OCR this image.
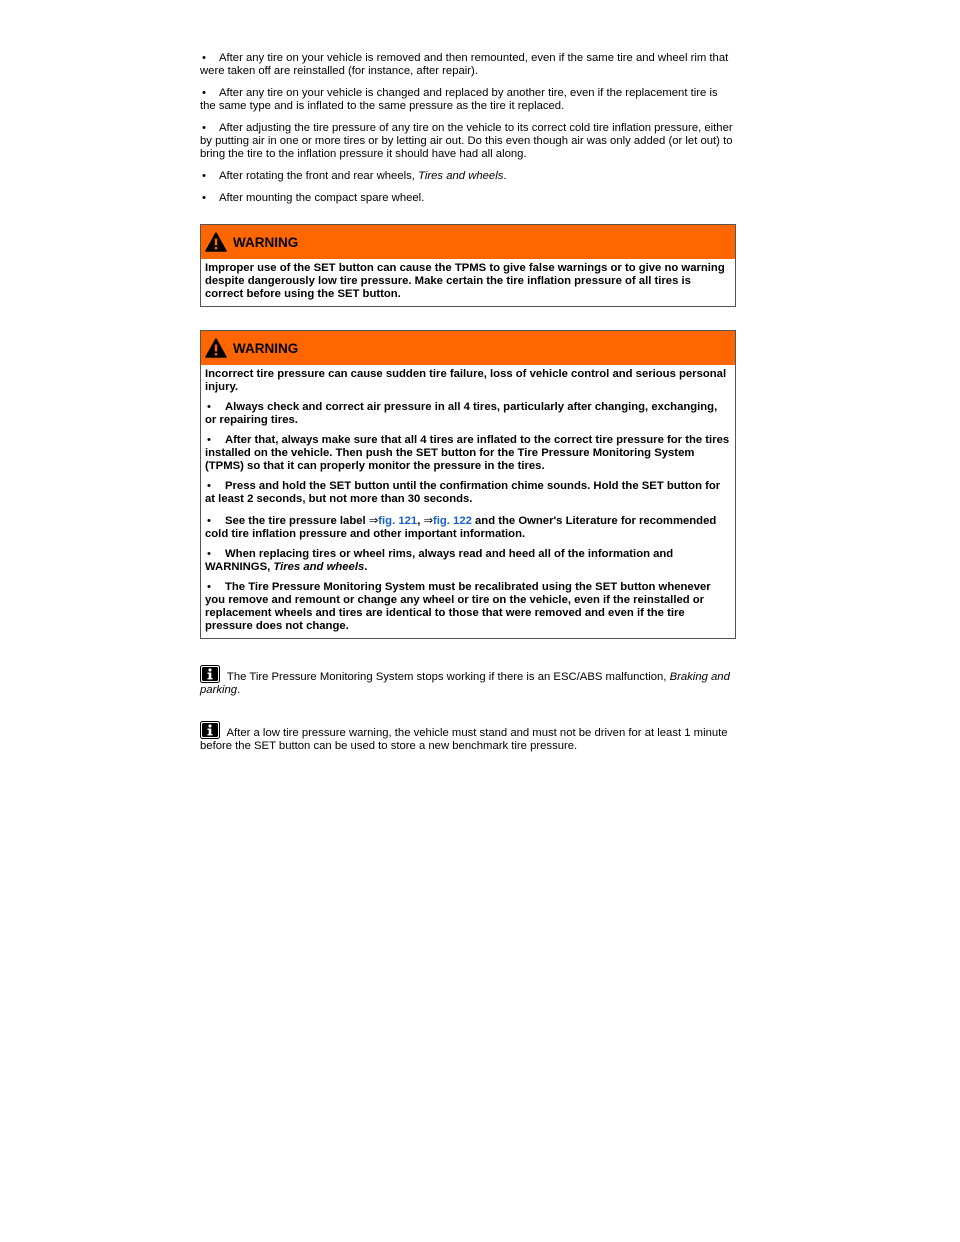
• After any tire on your vehicle is removed and then remounted, even if the same tire and wheel rim that were taken off are reinstalled (for instance, after repair).
• After any tire on your vehicle is changed and replaced by another tire, even if the replacement tire is the same type and is inflated to the same pressure as the tire it replaced.
• After adjusting the tire pressure of any tire on the vehicle to its correct cold tire inflation pressure, either by putting air in one or more tires or by letting air out. Do this even though air was only added (or let out) to bring the tire to the inflation pressure it should have had all along.
• After rotating the front and rear wheels, Tires and wheels.
• After mounting the compact spare wheel.
WARNING

Improper use of the SET button can cause the TPMS to give false warnings or to give no warning despite dangerously low tire pressure. Make certain the tire inflation pressure of all tires is correct before using the SET button.

WARNING

Incorrect tire pressure can cause sudden tire failure, loss of vehicle control and serious personal injury.

• Always check and correct air pressure in all 4 tires, particularly after changing, exchanging, or repairing tires.

• After that, always make sure that all 4 tires are inflated to the correct tire pressure for the tires installed on the vehicle. Then push the SET button for the Tire Pressure Monitoring System (TPMS) so that it can properly monitor the pressure in the tires.

• Press and hold the SET button until the confirmation chime sounds. Hold the SET button for at least 2 seconds, but not more than 30 seconds.

• See the tire pressure label ⇒fig. 121, ⇒fig. 122 and the Owner's Literature for recommended cold tire inflation pressure and other important information.

• When replacing tires or wheel rims, always read and heed all of the information and WARNINGS, Tires and wheels.

• The Tire Pressure Monitoring System must be recalibrated using the SET button whenever you remove and remount or change any wheel or tire on the vehicle, even if the reinstalled or replacement wheels and tires are identical to those that were removed and even if the tire pressure does not change.

The Tire Pressure Monitoring System stops working if there is an ESC/ABS malfunction, Braking and parking.
After a low tire pressure warning, the vehicle must stand and must not be driven for at least 1 minute before the SET button can be used to store a new benchmark tire pressure.
